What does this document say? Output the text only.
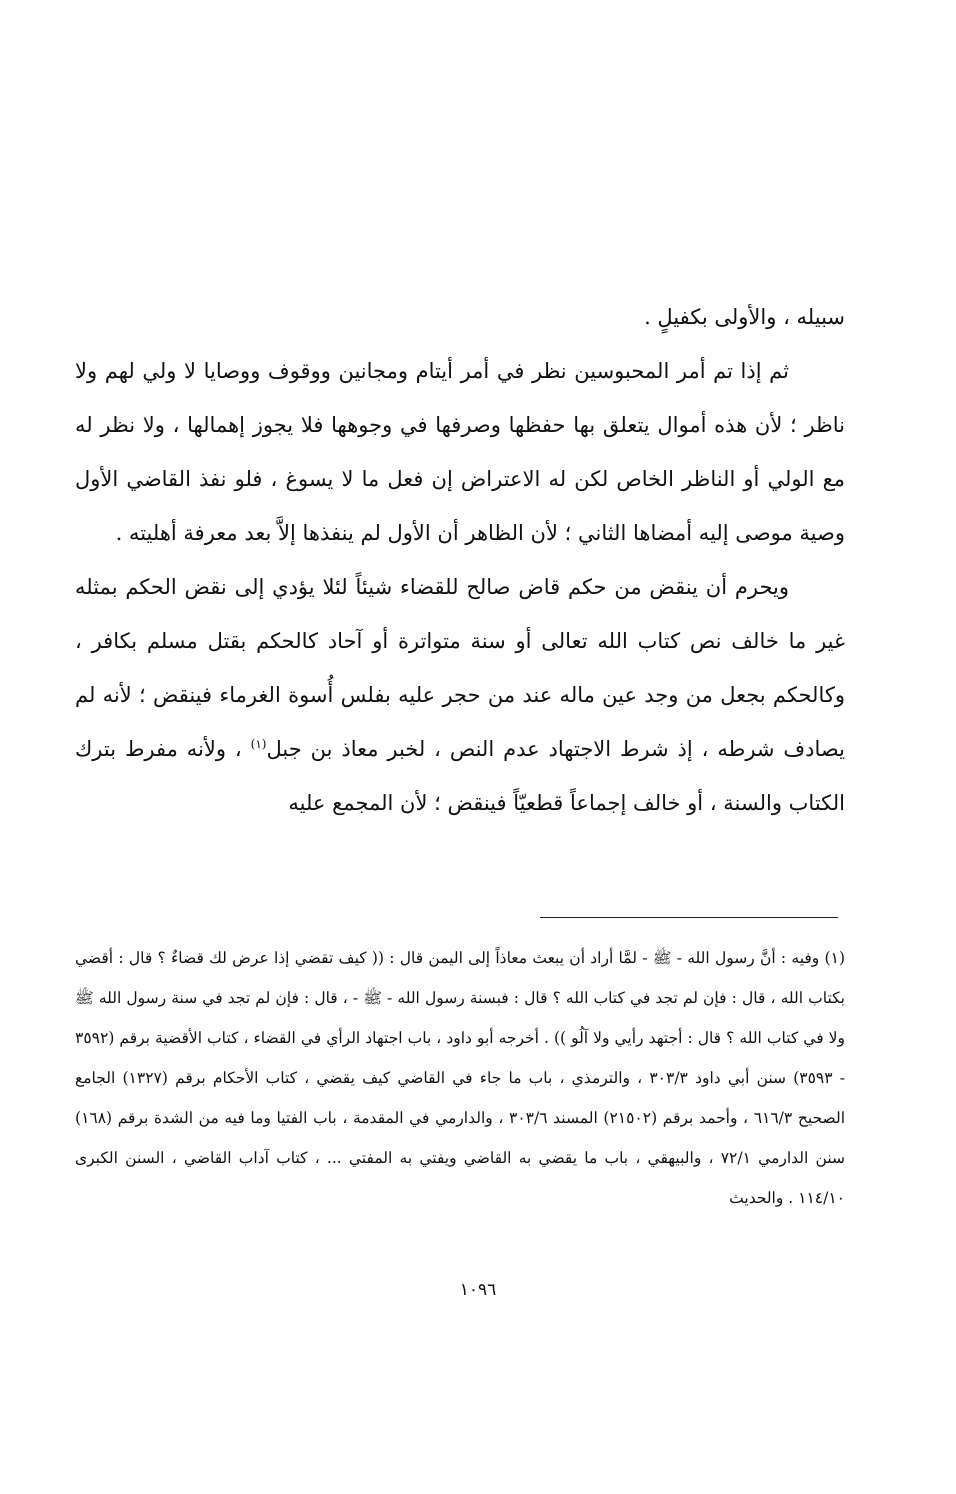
سبيله ، والأولى بكفيلٍ .

ثم إذا تم أمر المحبوسين نظر في أمر أيتام ومجانين ووقوف ووصايا لا ولي لهم ولا ناظر ؛ لأن هذه أموال يتعلق بها حفظها وصرفها في وجوهها فلا يجوز إهمالها ، ولا نظر له مع الولي أو الناظر الخاص لكن له الاعتراض إن فعل ما لا يسوغ ، فلو نفذ القاضي الأول وصية موصى إليه أمضاها الثاني ؛ لأن الظاهر أن الأول لم ينفذها إلاَّ بعد معرفة أهليته .

ويحرم أن ينقض من حكم قاض صالح للقضاء شيئاً لئلا يؤدي إلى نقض الحكم بمثله غير ما خالف نص كتاب الله تعالى أو سنة متواترة أو آحاد كالحكم بقتل مسلم بكافر ، وكالحكم بجعل من وجد عين ماله عند من حجر عليه بفلس أُسوة الغرماء فينقض ؛ لأنه لم يصادف شرطه ، إذ شرط الاجتهاد عدم النص ، لخبر معاذ بن جبل$^{(١)}$ ، ولأنه مفرط بترك الكتاب والسنة ، أو خالف إجماعاً قطعيّاً فينقض ؛ لأن المجمع عليه

(١) وفيه : أنَّ رسول الله - ﷺ - لمَّا أراد أن يبعث معاذاً إلى اليمن قال : (( كيف تقضي إذا عرض لك قضاءٌ ؟ قال : أقضي بكتاب الله ، قال : فإن لم تجد في كتاب الله ؟ قال : فبسنة رسول الله - ﷺ - ، قال : فإن لم تجد في سنة رسول الله ﷺ ولا في كتاب الله ؟ قال : أجتهد رأيي ولا آلُو )) . أخرجه أبو داود ، باب اجتهاد الرأي في القضاء ، كتاب الأقضية برقم (٣٥٩٢ - ٣٥٩٣) سنن أبي داود ٣٠٣/٣ ، والترمذي ، باب ما جاء في القاضي كيف يقضي ، كتاب الأحكام برقم (١٣٢٧) الجامع الصحيح ٦١٦/٣ ، وأحمد برقم (٢١٥٠٢) المسند ٣٠٣/٦ ، والدارمي في المقدمة ، باب الفتيا وما فيه من الشدة برقم (١٦٨) سنن الدارمي ٧٢/١ ، والبيهقي ، باب ما يقضي به القاضي ويفتي به المفتي ... ، كتاب آداب القاضي ، السنن الكبرى ١١٤/١٠ . والحديث

١٠٩٦
